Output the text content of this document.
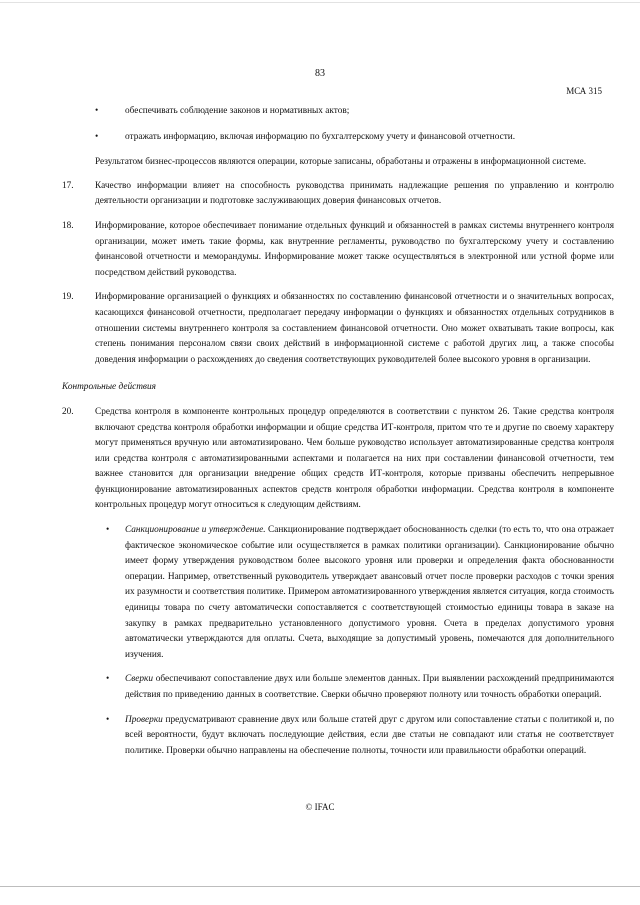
83
МСА 315
•	обеспечивать соблюдение законов и нормативных актов;

•	отражать информацию, включая информацию по бухгалтерскому учету и финансовой отчетности.

Результатом бизнес-процессов являются операции, которые записаны, обработаны и отражены в информационной системе.

17. Качество информации влияет на способность руководства принимать надлежащие решения по управлению и контролю деятельности организации и подготовке заслуживающих доверия финансовых отчетов.

18. Информирование, которое обеспечивает понимание отдельных функций и обязанностей в рамках системы внутреннего контроля организации, может иметь такие формы, как внутренние регламенты, руководство по бухгалтерскому учету и составлению финансовой отчетности и меморандумы. Информирование может также осуществляться в электронной или устной форме или посредством действий руководства.

19. Информирование организацией о функциях и обязанностях по составлению финансовой отчетности и о значительных вопросах, касающихся финансовой отчетности, предполагает передачу информации о функциях и обязанностях отдельных сотрудников в отношении системы внутреннего контроля за составлением финансовой отчетности. Оно может охватывать такие вопросы, как степень понимания персоналом связи своих действий в информационной системе с работой других лиц, а также способы доведения информации о расхождениях до сведения соответствующих руководителей более высокого уровня в организации.

Контрольные действия
20. Средства контроля в компоненте контрольных процедур определяются в соответствии с пунктом 26. Такие средства контроля включают средства контроля обработки информации и общие средства ИТ-контроля, притом что те и другие по своему характеру могут применяться вручную или автоматизировано. Чем больше руководство использует автоматизированные средства контроля или средства контроля с автоматизированными аспектами и полагается на них при составлении финансовой отчетности, тем важнее становится для организации внедрение общих средств ИТ-контроля, которые призваны обеспечить непрерывное функционирование автоматизированных аспектов средств контроля обработки информации. Средства контроля в компоненте контрольных процедур могут относиться к следующим действиям.

• Санкционирование и утверждение. Санкционирование подтверждает обоснованность сделки (то есть то, что она отражает фактическое экономическое событие или осуществляется в рамках политики организации). Санкционирование обычно имеет форму утверждения руководством более высокого уровня или проверки и определения факта обоснованности операции. Например, ответственный руководитель утверждает авансовый отчет после проверки расходов с точки зрения их разумности и соответствия политике. Примером автоматизированного утверждения является ситуация, когда стоимость единицы товара по счету автоматически сопоставляется с соответствующей стоимостью единицы товара в заказе на закупку в рамках предварительно установленного допустимого уровня. Счета в пределах допустимого уровня автоматически утверждаются для оплаты. Счета, выходящие за допустимый уровень, помечаются для дополнительного изучения.

• Сверки обеспечивают сопоставление двух или больше элементов данных. При выявлении расхождений предпринимаются действия по приведению данных в соответствие. Сверки обычно проверяют полноту или точность обработки операций.

• Проверки предусматривают сравнение двух или больше статей друг с другом или сопоставление статьи с политикой и, по всей вероятности, будут включать последующие действия, если две статьи не совпадают или статья не соответствует политике. Проверки обычно направлены на обеспечение полноты, точности или правильности обработки операций.

© IFAC
